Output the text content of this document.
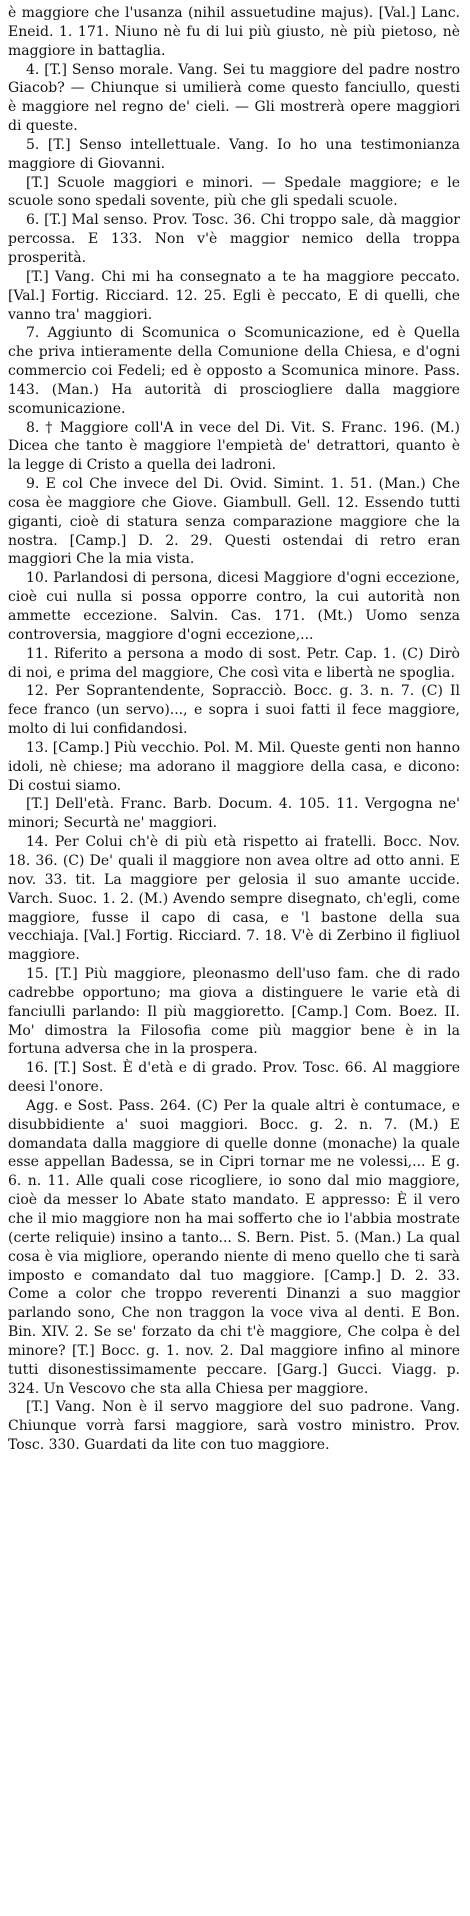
è maggiore che l'usanza (nihil assuetudine majus). [Val.] Lanc. Eneid. 1. 171. Niuno nè fu di lui più giusto, nè più pietoso, nè maggiore in battaglia.

4. [T.] Senso morale. Vang. Sei tu maggiore del padre nostro Giacob? — Chiunque si umilierà come questo fanciullo, questi è maggiore nel regno de' cieli. — Gli mostrerà opere maggiori di queste.

5. [T.] Senso intellettuale. Vang. Io ho una testimonianza maggiore di Giovanni.

[T.] Scuole maggiori e minori. — Spedale maggiore; e le scuole sono spedali sovente, più che gli spedali scuole.

6. [T.] Mal senso. Prov. Tosc. 36. Chi troppo sale, dà maggior percossa. E 133. Non v'è maggior nemico della troppa prosperità.

[T.] Vang. Chi mi ha consegnato a te ha maggiore peccato. [Val.] Fortig. Ricciard. 12. 25. Egli è peccato, E di quelli, che vanno tra' maggiori.

7. Aggiunto di Scomunica o Scomunicazione, ed è Quella che priva intieramente della Comunione della Chiesa, e d'ogni commercio coi Fedeli; ed è opposto a Scomunica minore. Pass. 143. (Man.) Ha autorità di prosciogliere dalla maggiore scomunicazione.

8. † Maggiore coll'A in vece del Di. Vit. S. Franc. 196. (M.) Dicea che tanto è maggiore l'empietà de' detrattori, quanto è la legge di Cristo a quella dei ladroni.

9. E col Che invece del Di. Ovid. Simint. 1. 51. (Man.) Che cosa èe maggiore che Giove. Giambull. Gell. 12. Essendo tutti giganti, cioè di statura senza comparazione maggiore che la nostra. [Camp.] D. 2. 29. Questi ostendai di retro eran maggiori Che la mia vista.

10. Parlandosi di persona, dicesi Maggiore d'ogni eccezione, cioè cui nulla si possa opporre contro, la cui autorità non ammette eccezione. Salvin. Cas. 171. (Mt.) Uomo senza controversia, maggiore d'ogni eccezione,...

11. Riferito a persona a modo di sost. Petr. Cap. 1. (C) Dirò di noi, e prima del maggiore, Che così vita e libertà ne spoglia.

12. Per Soprantendente, Sopracciò. Bocc. g. 3. n. 7. (C) Il fece franco (un servo)..., e sopra i suoi fatti il fece maggiore, molto di lui confidandosi.

13. [Camp.] Più vecchio. Pol. M. Mil. Queste genti non hanno idoli, nè chiese; ma adorano il maggiore della casa, e dicono: Di costui siamo.

[T.] Dell'età. Franc. Barb. Docum. 4. 105. 11. Vergogna ne' minori; Securtà ne' maggiori.

14. Per Colui ch'è di più età rispetto ai fratelli. Bocc. Nov. 18. 36. (C) De' quali il maggiore non avea oltre ad otto anni. E nov. 33. tit. La maggiore per gelosia il suo amante uccide. Varch. Suoc. 1. 2. (M.) Avendo sempre disegnato, ch'egli, come maggiore, fusse il capo di casa, e 'l bastone della sua vecchiaja. [Val.] Fortig. Ricciard. 7. 18. V'è di Zerbino il figliuol maggiore.

15. [T.] Più maggiore, pleonasmo dell'uso fam. che di rado cadrebbe opportuno; ma giova a distinguere le varie età di fanciulli parlando: Il più maggioretto. [Camp.] Com. Boez. II. Mo' dimostra la Filosofia come più maggior bene è in la fortuna adversa che in la prospera.

16. [T.] Sost. È d'età e di grado. Prov. Tosc. 66. Al maggiore deesi l'onore.

Agg. e Sost. Pass. 264. (C) Per la quale altri è contumace, e disubbidiente a' suoi maggiori. Bocc. g. 2. n. 7. (M.) E domandata dalla maggiore di quelle donne (monache) la quale esse appellan Badessa, se in Cipri tornar me ne volessi,... E g. 6. n. 11. Alle quali cose ricogliere, io sono dal mio maggiore, cioè da messer lo Abate stato mandato. E appresso: È il vero che il mio maggiore non ha mai sofferto che io l'abbia mostrate (certe reliquie) insino a tanto... S. Bern. Pist. 5. (Man.) La qual cosa è via migliore, operando niente di meno quello che ti sarà imposto e comandato dal tuo maggiore. [Camp.] D. 2. 33. Come a color che troppo reverenti Dinanzi a suo maggior parlando sono, Che non traggon la voce viva al denti. E Bon. Bin. XIV. 2. Se se' forzato da chi t'è maggiore, Che colpa è del minore? [T.] Bocc. g. 1. nov. 2. Dal maggiore infino al minore tutti disonestissimamente peccare. [Garg.] Gucci. Viagg. p. 324. Un Vescovo che sta alla Chiesa per maggiore.

[T.] Vang. Non è il servo maggiore del suo padrone. Vang. Chiunque vorrà farsi maggiore, sarà vostro ministro. Prov. Tosc. 330. Guardati da lite con tuo maggiore.
